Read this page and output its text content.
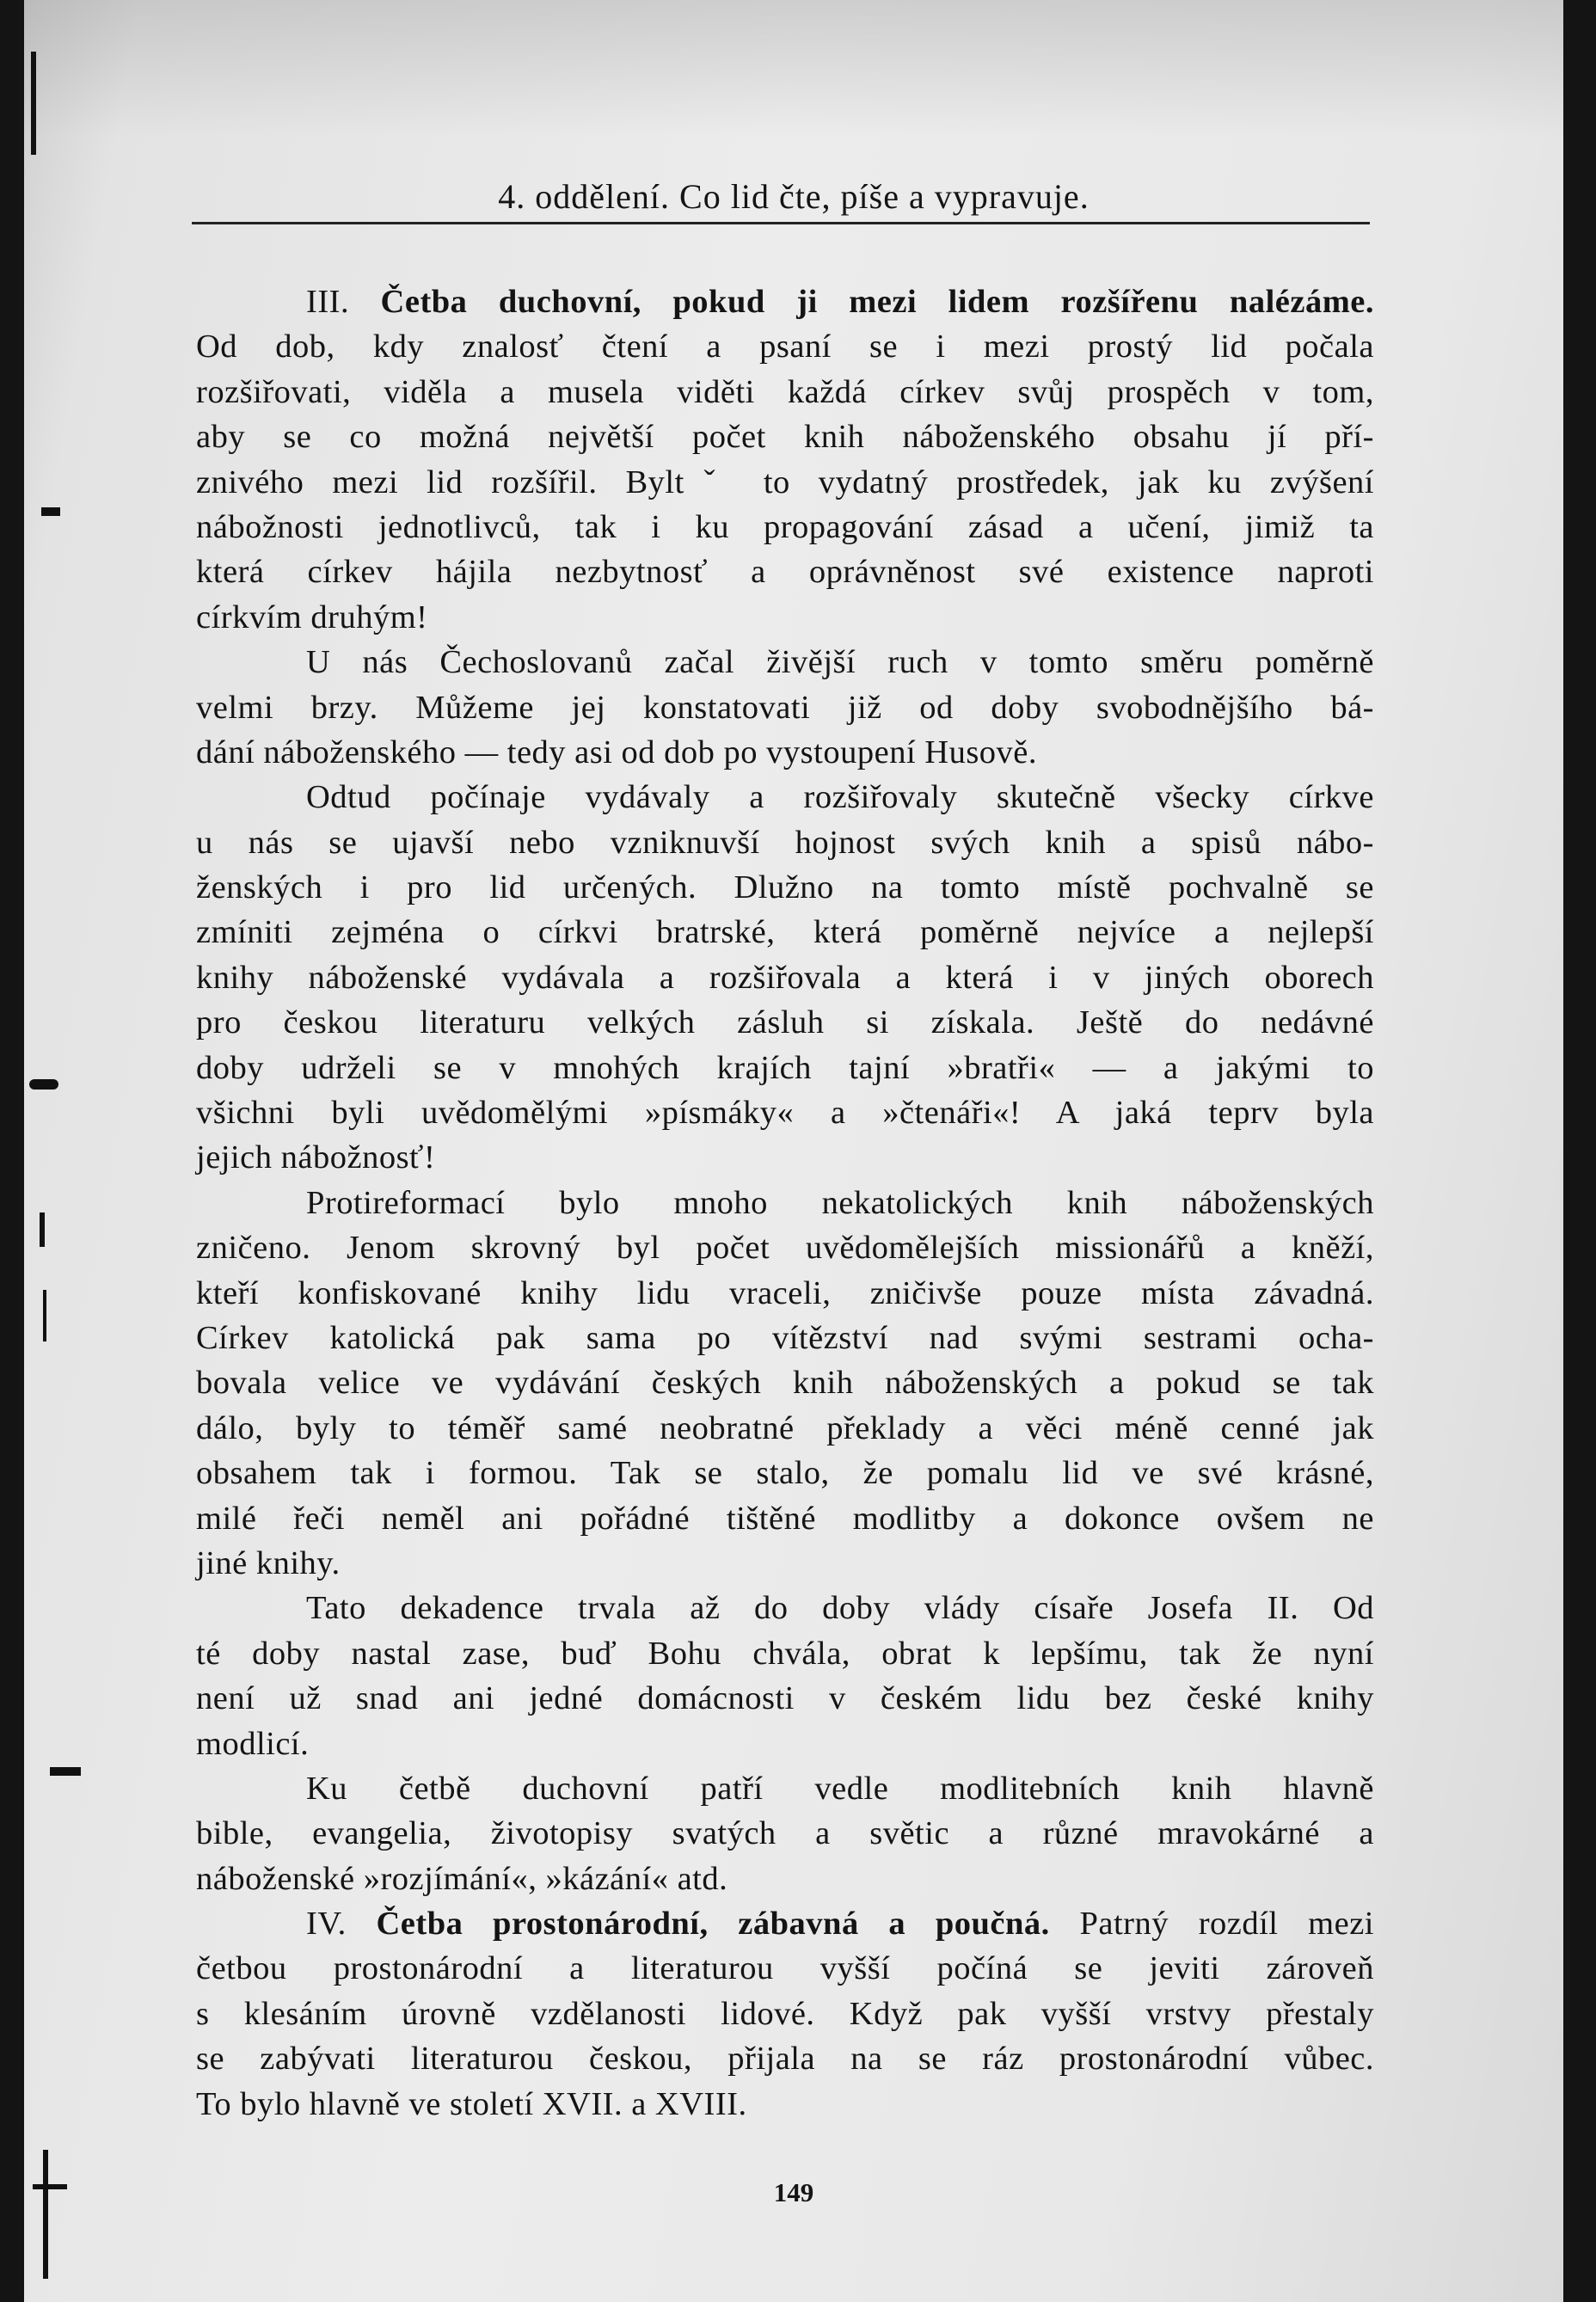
4. oddělení. Co lid čte, píše a vypravuje.
III. Četba duchovní, pokud ji mezi lidem rozšířenu nalézáme.
Od dob, kdy znalosť čtení a psaní se i mezi prostý lid počala
rozšiřovati, viděla a musela viděti každá církev svůj prospěch v tom,
aby se co možná největší počet knih náboženského obsahu jí pří-
znivého mezi lid rozšířil. Byltˇ to vydatný prostředek, jak ku zvýšení
nábožnosti jednotlivců, tak i ku propagování zásad a učení, jimiž ta
která církev hájila nezbytnosť a oprávněnost své existence naproti
církvím druhým!
U nás Čechoslovanů začal živější ruch v tomto směru poměrně
velmi brzy. Můžeme jej konstatovati již od doby svobodnějšího bá-
dání náboženského — tedy asi od dob po vystoupení Husově.
Odtud počínaje vydávaly a rozšiřovaly skutečně všecky církve
u nás se ujavší nebo vzniknuvší hojnost svých knih a spisů nábo-
ženských i pro lid určených. Dlužno na tomto místě pochvalně se
zmíniti zejména o církvi bratrské, která poměrně nejvíce a nejlepší
knihy náboženské vydávala a rozšiřovala a která i v jiných oborech
pro českou literaturu velkých zásluh si získala. Ještě do nedávné
doby udrželi se v mnohých krajích tajní »bratři« — a jakými to
všichni byli uvědomělými »písmáky« a »čtenáři«! A jaká teprv byla
jejich nábožnosť!
Protireformací bylo mnoho nekatolických knih náboženských
zničeno. Jenom skrovný byl počet uvědomělejších missionářů a kněží,
kteří konfiskované knihy lidu vraceli, zničivše pouze místa závadná.
Církev katolická pak sama po vítězství nad svými sestrami ocha-
bovala velice ve vydávání českých knih náboženských a pokud se tak
dálo, byly to téměř samé neobratné překlady a věci méně cenné jak
obsahem tak i formou. Tak se stalo, že pomalu lid ve své krásné,
milé řeči neměl ani pořádné tištěné modlitby a dokonce ovšem ne
jiné knihy.
Tato dekadence trvala až do doby vlády císaře Josefa II. Od
té doby nastal zase, buď Bohu chvála, obrat k lepšímu, tak že nyní
není už snad ani jedné domácnosti v českém lidu bez české knihy
modlicí.
Ku četbě duchovní patří vedle modlitebních knih hlavně
bible, evangelia, životopisy svatých a světic a různé mravokárné a
náboženské »rozjímání«, »kázání« atd.
IV. Četba prostonárodní, zábavná a poučná. Patrný rozdíl mezi
četbou prostonárodní a literaturou vyšší počíná se jeviti zároveň
s klesáním úrovně vzdělanosti lidové. Když pak vyšší vrstvy přestaly
se zabývati literaturou českou, přijala na se ráz prostonárodní vůbec.
To bylo hlavně ve století XVII. a XVIII.
149
